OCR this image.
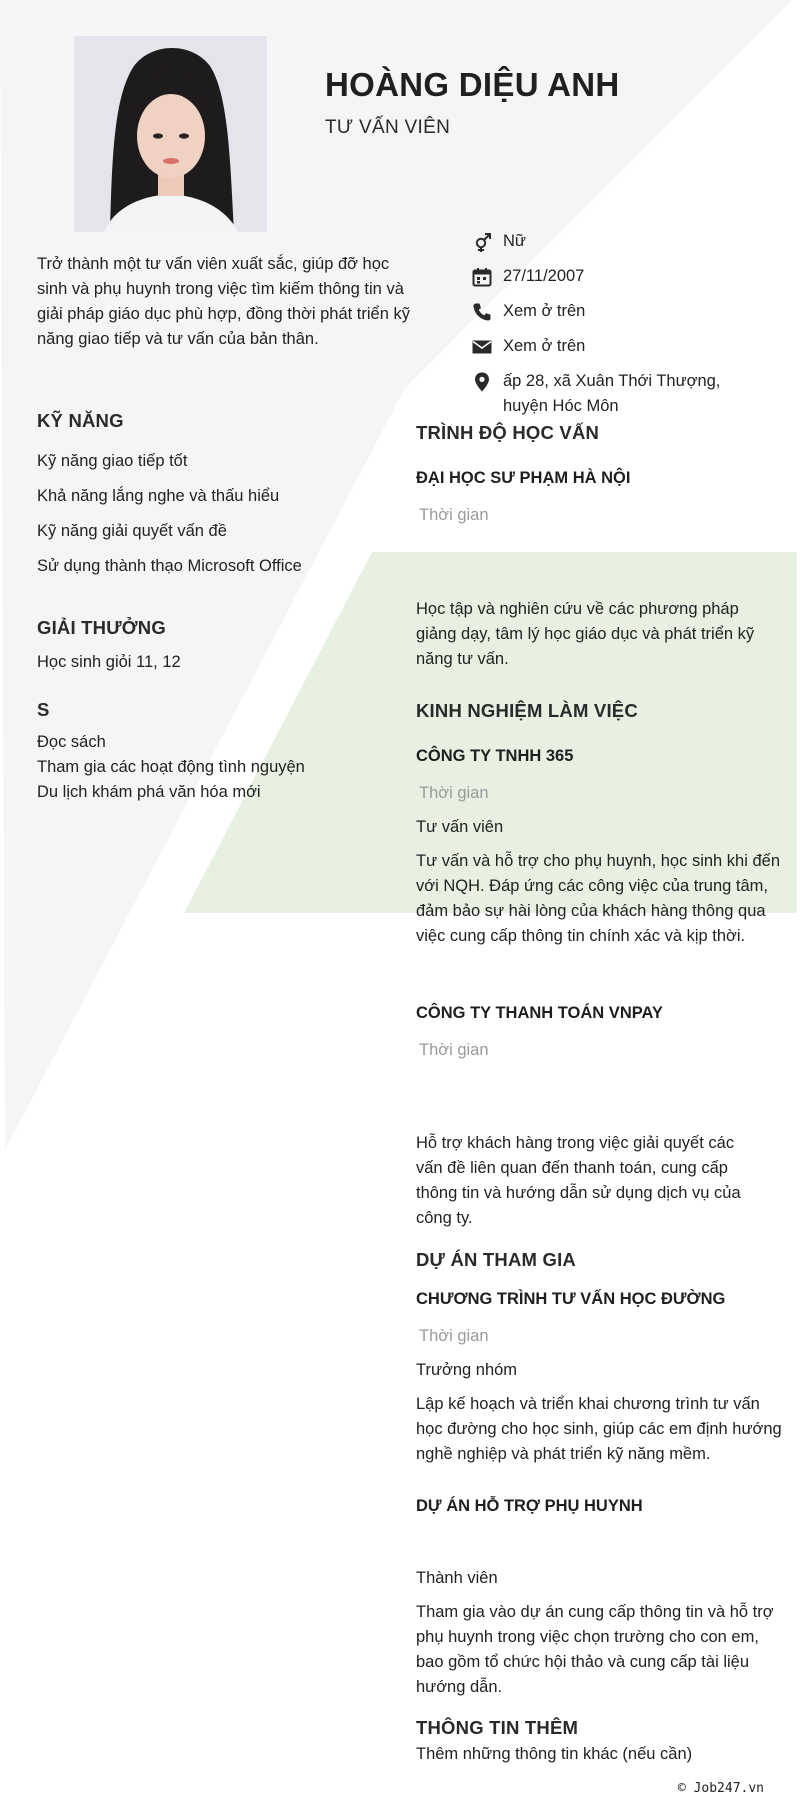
HOÀNG DIỆU ANH
TƯ VẤN VIÊN
Trở thành một tư vấn viên xuất sắc, giúp đỡ học sinh và phụ huynh trong việc tìm kiếm thông tin và giải pháp giáo dục phù hợp, đồng thời phát triển kỹ năng giao tiếp và tư vấn của bản thân.
Nữ
27/11/2007
Xem ở trên
Xem ở trên
ấp 28, xã Xuân Thới Thượng,
huyện Hóc Môn
KỸ NĂNG
Kỹ năng giao tiếp tốt
Khả năng lắng nghe và thấu hiểu
Kỹ năng giải quyết vấn đề
Sử dụng thành thạo Microsoft Office
GIẢI THƯỞNG
Học sinh giỏi 11, 12
S
Đọc sách
Tham gia các hoạt động tình nguyện
Du lịch khám phá văn hóa mới
TRÌNH ĐỘ HỌC VẤN
ĐẠI HỌC SƯ PHẠM HÀ NỘI
Thời gian
Học tập và nghiên cứu về các phương pháp giảng dạy, tâm lý học giáo dục và phát triển kỹ năng tư vấn.
KINH NGHIỆM LÀM VIỆC
CÔNG TY TNHH 365
Thời gian
Tư vấn viên
Tư vấn và hỗ trợ cho phụ huynh, học sinh khi đến với NQH. Đáp ứng các công việc của trung tâm, đảm bảo sự hài lòng của khách hàng thông qua việc cung cấp thông tin chính xác và kịp thời.
CÔNG TY THANH TOÁN VNPAY
Thời gian
Hỗ trợ khách hàng trong việc giải quyết các vấn đề liên quan đến thanh toán, cung cấp thông tin và hướng dẫn sử dụng dịch vụ của công ty.
DỰ ÁN THAM GIA
CHƯƠNG TRÌNH TƯ VẤN HỌC ĐƯỜNG
Thời gian
Trưởng nhóm
Lập kế hoạch và triển khai chương trình tư vấn học đường cho học sinh, giúp các em định hướng nghề nghiệp và phát triển kỹ năng mềm.
DỰ ÁN HỖ TRỢ PHỤ HUYNH
Thành viên
Tham gia vào dự án cung cấp thông tin và hỗ trợ phụ huynh trong việc chọn trường cho con em, bao gồm tổ chức hội thảo và cung cấp tài liệu hướng dẫn.
THÔNG TIN THÊM
Thêm những thông tin khác (nếu cần)
© Job247.vn
